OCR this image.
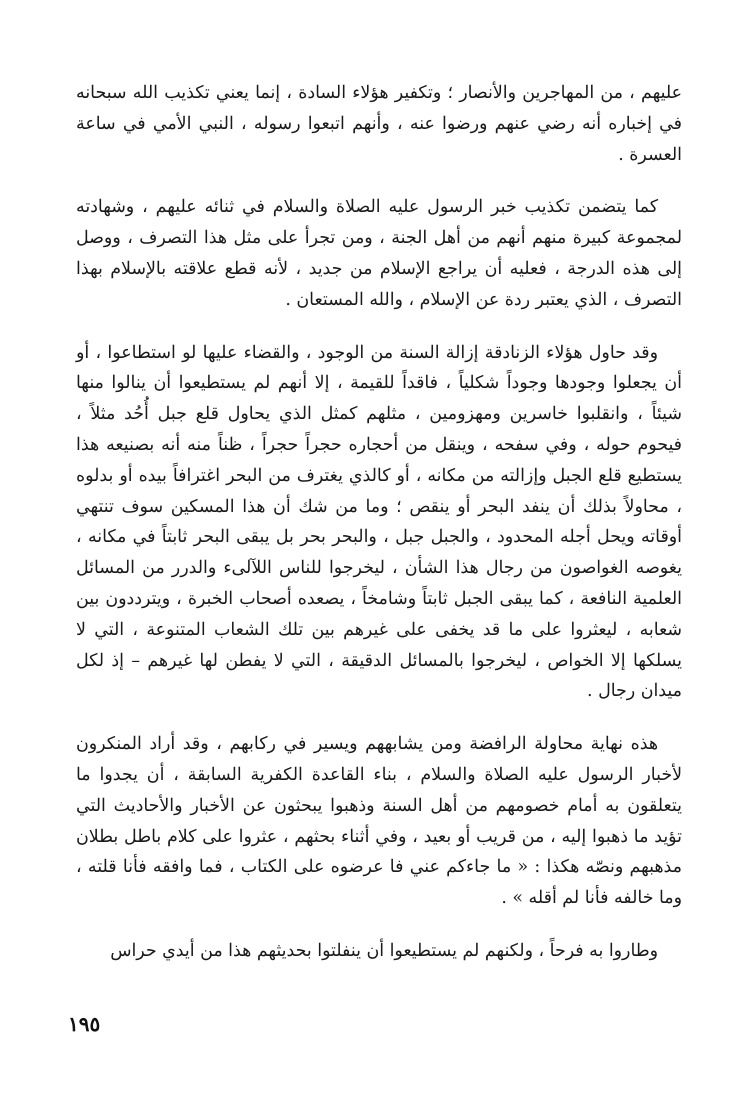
عليهم ، من المهاجرين والأنصار ؛ وتكفير هؤلاء السادة ، إنما يعني تكذيب الله سبحانه في إخباره أنه رضي عنهم ورضوا عنه ، وأنهم اتبعوا رسوله ، النبي الأمي في ساعة العسرة .

كما يتضمن تكذيب خبر الرسول عليه الصلاة والسلام في ثنائه عليهم ، وشهادته لمجموعة كبيرة منهم أنهم من أهل الجنة ، ومن تجرأ على مثل هذا التصرف ، ووصل إلى هذه الدرجة ، فعليه أن يراجع الإسلام من جديد ، لأنه قطع علاقته بالإسلام بهذا التصرف ، الذي يعتبر ردة عن الإسلام ، والله المستعان .

وقد حاول هؤلاء الزنادقة إزالة السنة من الوجود ، والقضاء عليها لو استطاعوا ، أو أن يجعلوا وجودها وجوداً شكلياً ، فاقداً للقيمة ، إلا أنهم لم يستطيعوا أن ينالوا منها شيئاً ، وانقلبوا خاسرين ومهزومين ، مثلهم كمثل الذي يحاول قلع جبل أُحُد مثلاً ، فيحوم حوله ، وفي سفحه ، وينقل من أحجاره حجراً حجراً ، ظناً منه أنه بصنيعه هذا يستطيع قلع الجبل وإزالته من مكانه ، أو كالذي يغترف من البحر اغترافاً بيده أو بدلوه ، محاولاً بذلك أن ينفد البحر أو ينقص ؛ وما من شك أن هذا المسكين سوف تنتهي أوقاته ويحل أجله المحدود ، والجبل جبل ، والبحر بحر بل يبقى البحر ثابتاً في مكانه ، يغوصه الغواصون من رجال هذا الشأن ، ليخرجوا للناس اللآلىء والدرر من المسائل العلمية النافعة ، كما يبقى الجبل ثابتاً وشامخاً ، يصعده أصحاب الخبرة ، ويترددون بين شعابه ، ليعثروا على ما قد يخفى على غيرهم بين تلك الشعاب المتنوعة ، التي لا يسلكها إلا الخواص ، ليخرجوا بالمسائل الدقيقة ، التي لا يفطن لها غيرهم – إذ لكل ميدان رجال .

هذه نهاية محاولة الرافضة ومن يشابههم ويسير في ركابهم ، وقد أراد المنكرون لأخبار الرسول عليه الصلاة والسلام ، بناء القاعدة الكفرية السابقة ، أن يجدوا ما يتعلقون به أمام خصومهم من أهل السنة وذهبوا يبحثون عن الأخبار والأحاديث التي تؤيد ما ذهبوا إليه ، من قريب أو بعيد ، وفي أثناء بحثهم ، عثروا على كلام باطل بطلان مذهبهم ونصّه هكذا : « ما جاءكم عني فا عرضوه على الكتاب ، فما وافقه فأنا قلته ، وما خالفه فأنا لم أقله » .

وطاروا به فرحاً ، ولكنهم لم يستطيعوا أن ينفلتوا بحديثهم هذا من أيدي حراس

١٩٥
